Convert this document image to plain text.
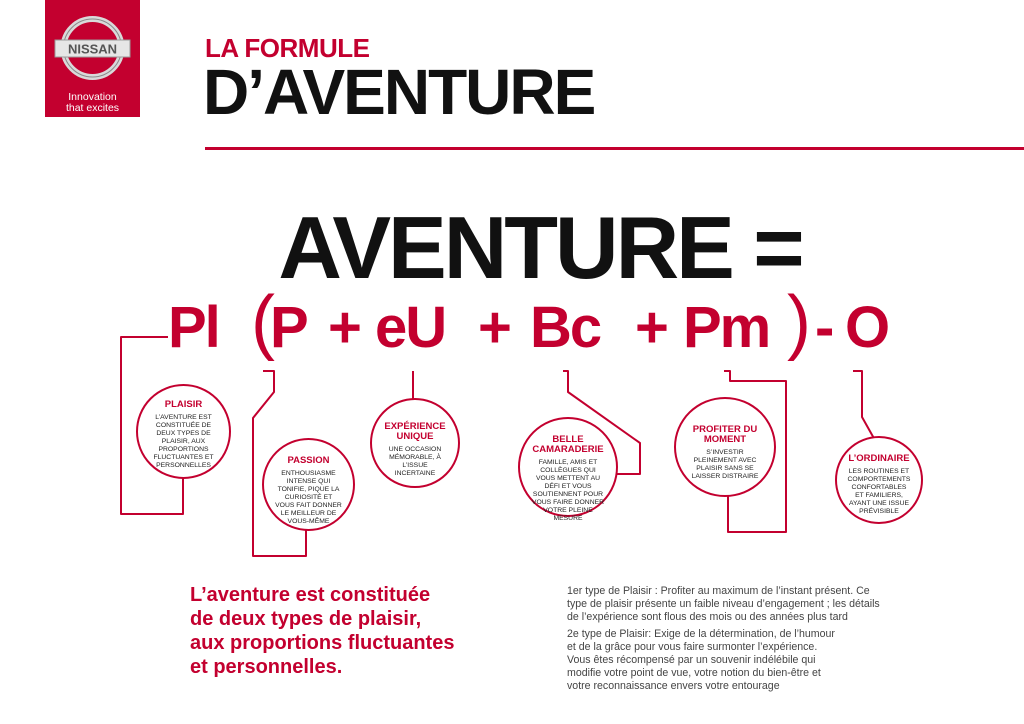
NISSAN
Innovation
that excites
LA FORMULE
D’AVENTURE
AVENTURE =
Pl (
P + eU + Bc + Pm ) - O
PLAISIR
L’AVENTURE EST CONSTITUÉE DE DEUX TYPES DE PLAISIR, AUX PROPORTIONS FLUCTUANTES ET PERSONNELLES	PASSION
ENTHOUSIASME INTENSE QUI TONIFIE, PIQUE LA CURIOSITÉ ET VOUS FAIT DONNER LE MEILLEUR DE VOUS-MÊME
EXPÉRIENCE UNIQUE
UNE OCCASION MÉMORABLE, À L’ISSUE INCERTAINE
BELLE CAMARADERIE
FAMILLE, AMIS ET COLLÈGUES QUI VOUS METTENT AU DÉFI ET VOUS SOUTIENNENT POUR VOUS FAIRE DONNER VOTRE PLEINE MESURE
PROFITER DU MOMENT
S’INVESTIR PLEINEMENT AVEC PLAISIR SANS SE LAISSER DISTRAIRE
L’ORDINAIRE
LES ROUTINES ET COMPORTEMENTS CONFORTABLES ET FAMILIERS, AYANT UNE ISSUE PRÉVISIBLE
L’aventure est constituée
de deux types de plaisir,
aux proportions fluctuantes
et personnelles.

1er type de Plaisir : Profiter au maximum de l’instant présent. Ce

type de plaisir présente un faible niveau d’engagement ; les détails

de l’expérience sont flous des mois ou des années plus tard

2e type de Plaisir: Exige de la détermination, de l’humour

et de la grâce pour vous faire surmonter l’expérience.

Vous êtes récompensé par un souvenir indélébile qui

modifie votre point de vue, votre notion du bien-être et

votre reconnaissance envers votre entourage
